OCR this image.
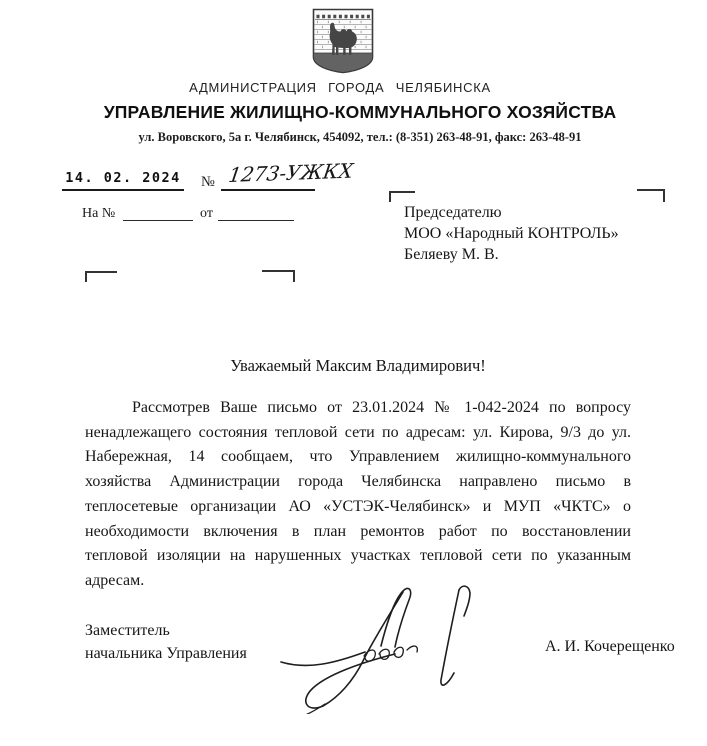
АДМИНИСТРАЦИЯ ГОРОДА ЧЕЛЯБИНСКА
УПРАВЛЕНИЕ ЖИЛИЩНО-КОММУНАЛЬНОГО ХОЗЯЙСТВА
ул. Воровского, 5а г. Челябинск, 454092, тел.: (8-351) 263-48-91, факс: 263-48-91
14. 02. 2024 № 1273-УЖКХ
На №	от	Председателю
МОО «Народный КОНТРОЛЬ»
Беляеву М. В.
Уважаемый Максим Владимирович!

Рассмотрев Ваше письмо от 23.01.2024 № 1-042-2024 по вопросу ненадлежащего состояния тепловой сети по адресам: ул. Кирова, 9/3 до ул. Набережная, 14 сообщаем, что Управлением жилищно-коммунального хозяйства Администрации города Челябинска направлено письмо в теплосетевые организации АО «УСТЭК-Челябинск» и МУП «ЧКТС» о необходимости включения в план ремонтов работ по восстановлении тепловой изоляции на нарушенных участках тепловой сети по указанным адресам.

Заместитель
начальника Управления	А. И. Кочерещенко
